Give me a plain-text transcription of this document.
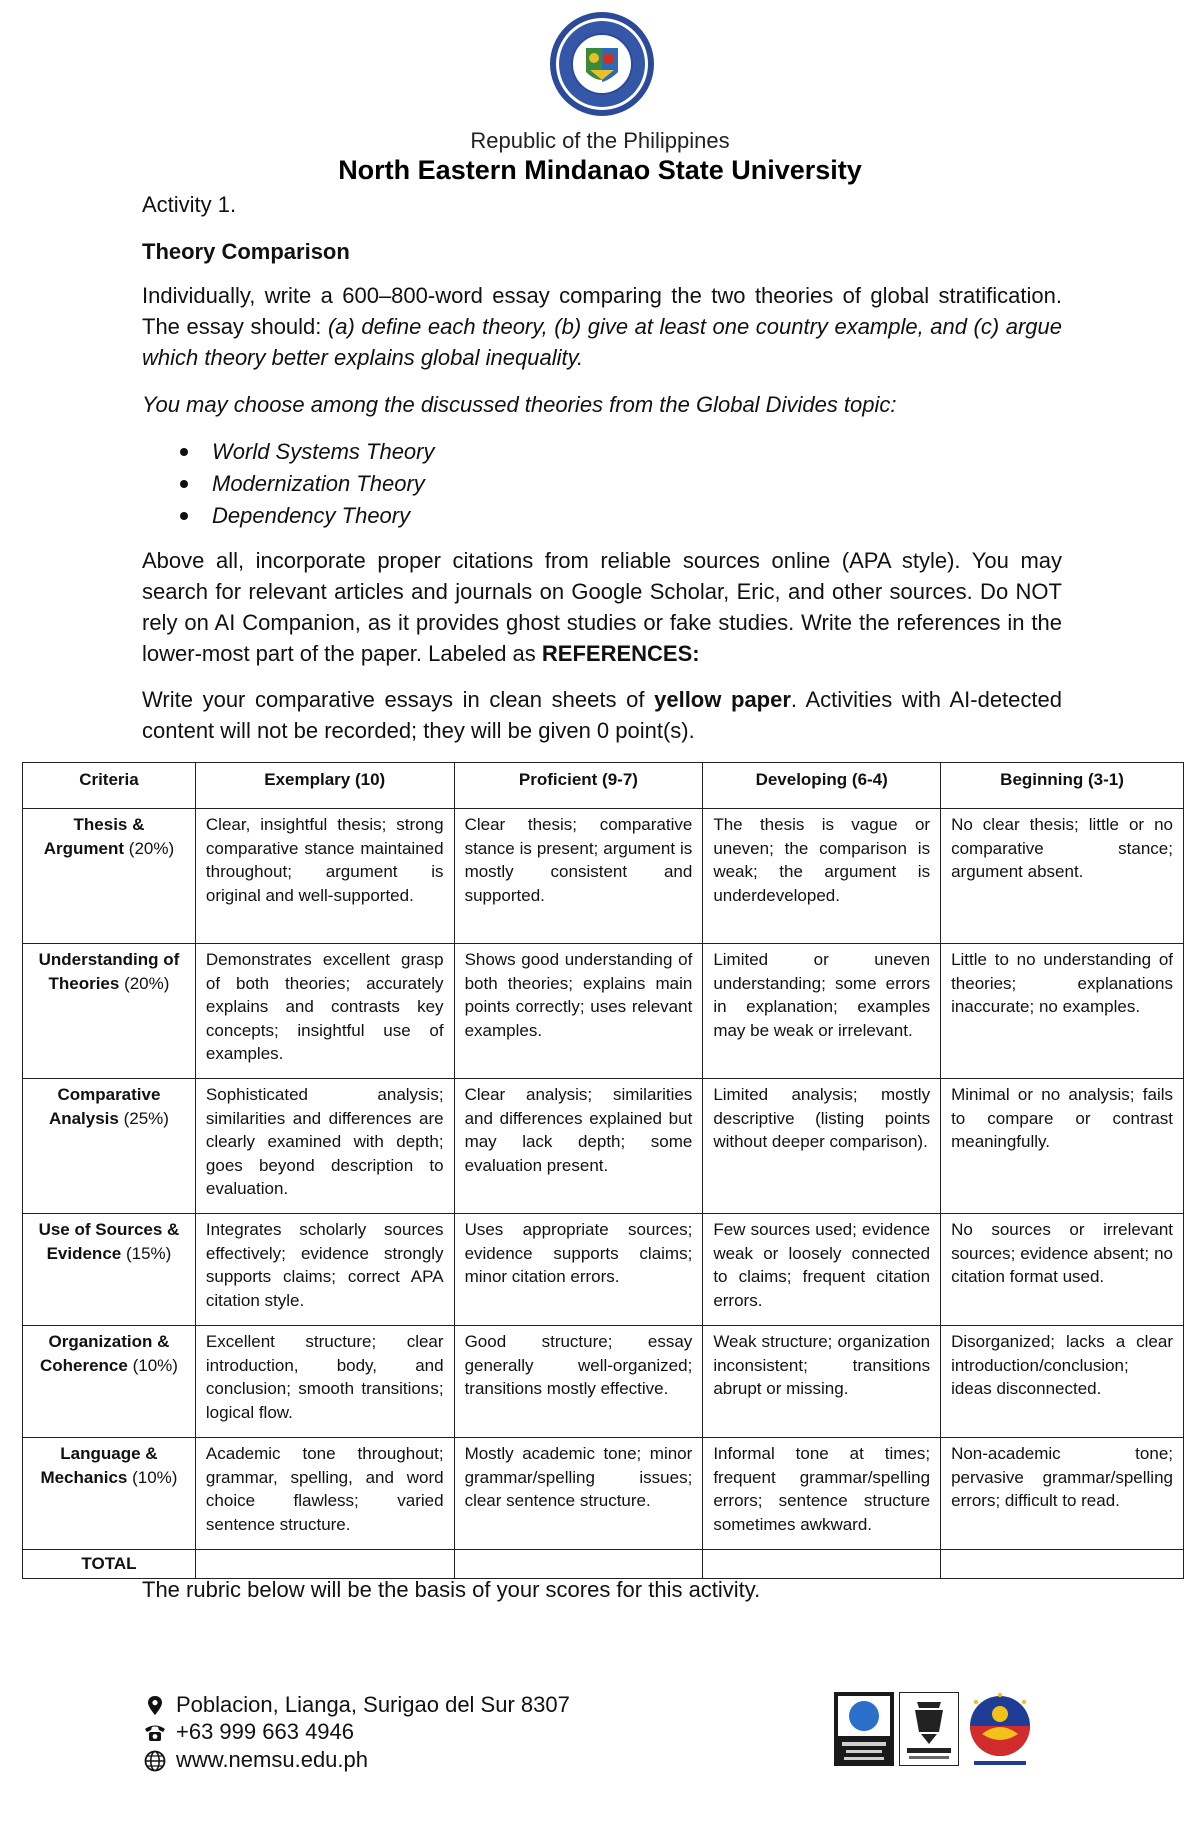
Republic of the Philippines
North Eastern Mindanao State University
Activity 1.
Theory Comparison
Individually, write a 600–800-word essay comparing the two theories of global stratification. The essay should: (a) define each theory, (b) give at least one country example, and (c) argue which theory better explains global inequality.
You may choose among the discussed theories from the Global Divides topic:
World Systems Theory
Modernization Theory
Dependency Theory
Above all, incorporate proper citations from reliable sources online (APA style). You may search for relevant articles and journals on Google Scholar, Eric, and other sources. Do NOT rely on AI Companion, as it provides ghost studies or fake studies. Write the references in the lower-most part of the paper. Labeled as REFERENCES:
Write your comparative essays in clean sheets of yellow paper. Activities with AI-detected content will not be recorded; they will be given 0 point(s).
Criteria	Exemplary (10)	Proficient (9-7)	Developing (6-4)	Beginning (3-1)
Thesis & Argument (20%)	Clear, insightful thesis; strong comparative stance maintained throughout; argument is original and well-supported.	Clear thesis; comparative stance is present; argument is mostly consistent and supported.	The thesis is vague or uneven; the comparison is weak; the argument is underdeveloped.	No clear thesis; little or no comparative stance; argument absent.
Understanding of Theories (20%)	Demonstrates excellent grasp of both theories; accurately explains and contrasts key concepts; insightful use of examples.	Shows good understanding of both theories; explains main points correctly; uses relevant examples.	Limited or uneven understanding; some errors in explanation; examples may be weak or irrelevant.	Little to no understanding of theories; explanations inaccurate; no examples.
Comparative Analysis (25%)	Sophisticated analysis; similarities and differences are clearly examined with depth; goes beyond description to evaluation.	Clear analysis; similarities and differences explained but may lack depth; some evaluation present.	Limited analysis; mostly descriptive (listing points without deeper comparison).	Minimal or no analysis; fails to compare or contrast meaningfully.
Use of Sources & Evidence (15%)	Integrates scholarly sources effectively; evidence strongly supports claims; correct APA citation style.	Uses appropriate sources; evidence supports claims; minor citation errors.	Few sources used; evidence weak or loosely connected to claims; frequent citation errors.	No sources or irrelevant sources; evidence absent; no citation format used.
Organization & Coherence (10%)	Excellent structure; clear introduction, body, and conclusion; smooth transitions; logical flow.	Good structure; essay generally well-organized; transitions mostly effective.	Weak structure; organization inconsistent; transitions abrupt or missing.	Disorganized; lacks a clear introduction/conclusion; ideas disconnected.
Language & Mechanics (10%)	Academic tone throughout; grammar, spelling, and word choice flawless; varied sentence structure.	Mostly academic tone; minor grammar/spelling issues; clear sentence structure.	Informal tone at times; frequent grammar/spelling errors; sentence structure sometimes awkward.	Non-academic tone; pervasive grammar/spelling errors; difficult to read.
TOTAL				
The rubric below will be the basis of your scores for this activity.
Poblacion, Lianga, Surigao del Sur 8307
+63 999 663 4946
www.nemsu.edu.ph
